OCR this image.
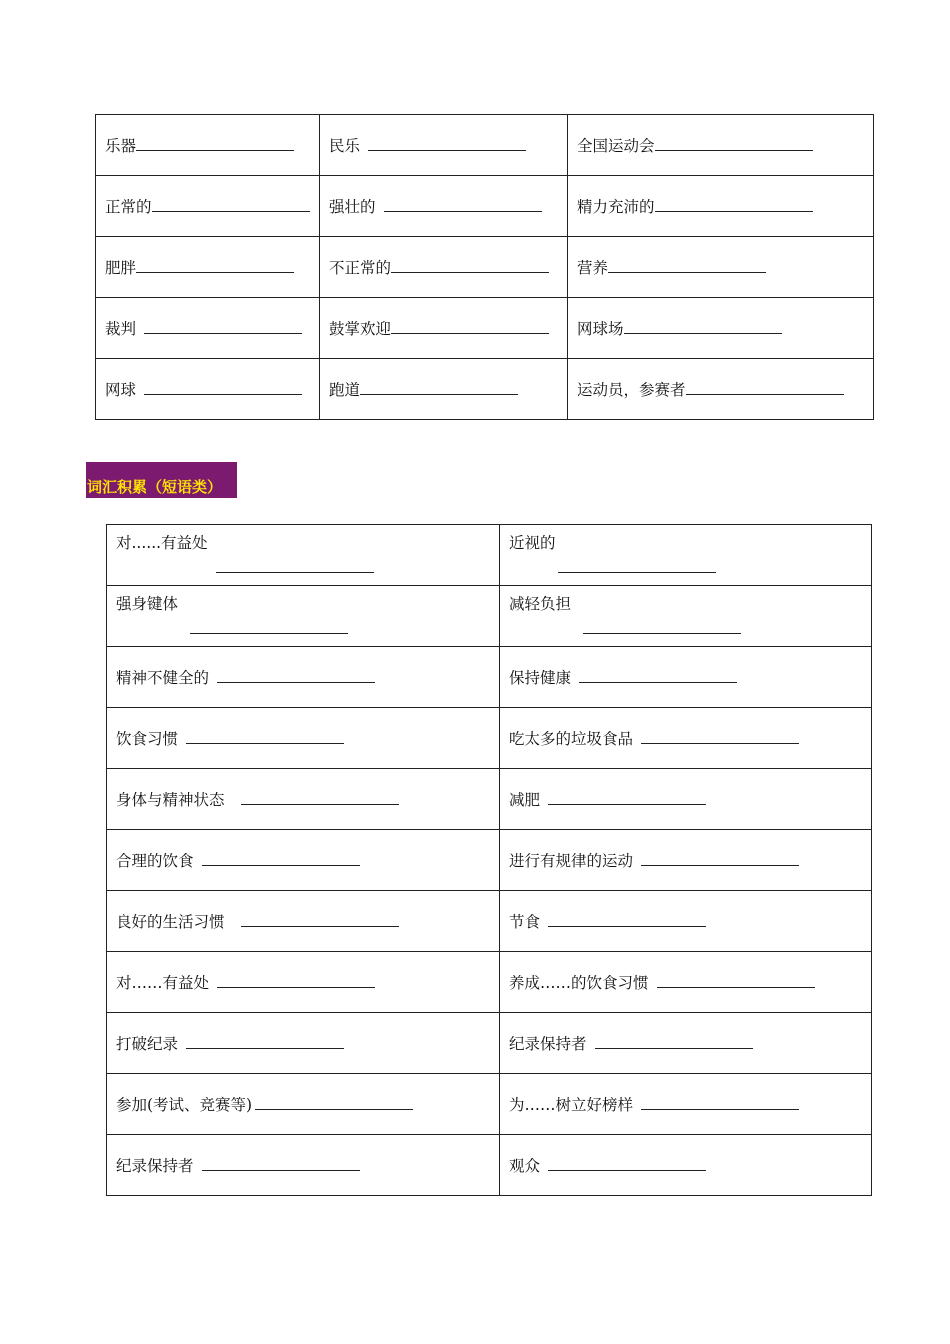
乐器	民乐	全国运动会
正常的	强壮的	精力充沛的
肥胖	不正常的	营养
裁判	鼓掌欢迎	网球场
网球	跑道	运动员，参赛者
词汇积累（短语类）
对......有益处	近视的

强身键体	减轻负担

精神不健全的	保持健康
饮食习惯	吃太多的垃圾食品
身体与精神状态	减肥
合理的饮食	进行有规律的运动
良好的生活习惯	节食
对……有益处	养成……的饮食习惯
打破纪录	纪录保持者
参加(考试、竞赛等)	为……树立好榜样
纪录保持者	观众
